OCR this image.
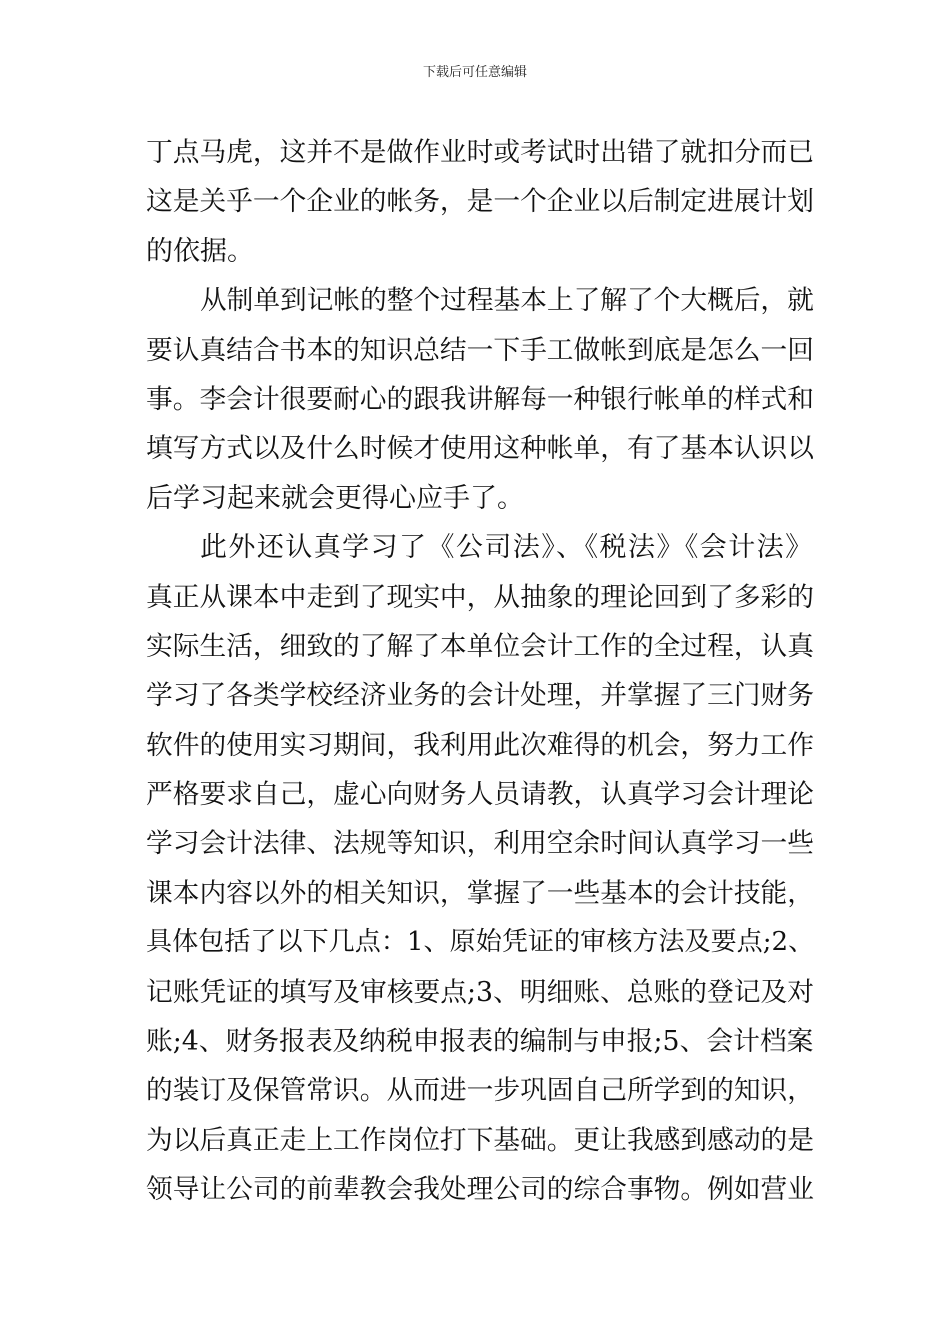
下载后可任意编辑
丁点马虎，这并不是做作业时或考试时出错了就扣分而已
这是关乎一个企业的帐务，是一个企业以后制定进展计划
的依据。
从制单到记帐的整个过程基本上了解了个大概后，就
要认真结合书本的知识总结一下手工做帐到底是怎么一回
事。李会计很要耐心的跟我讲解每一种银行帐单的样式和
填写方式以及什么时候才使用这种帐单，有了基本认识以
后学习起来就会更得心应手了。
此外还认真学习了《公司法》、《税法》《会计法》
真正从课本中走到了现实中，从抽象的理论回到了多彩的
实际生活，细致的了解了本单位会计工作的全过程，认真
学习了各类学校经济业务的会计处理，并掌握了三门财务
软件的使用实习期间，我利用此次难得的机会，努力工作
严格要求自己，虚心向财务人员请教，认真学习会计理论
学习会计法律、法规等知识，利用空余时间认真学习一些
课本内容以外的相关知识，掌握了一些基本的会计技能，
具体包括了以下几点：1、原始凭证的审核方法及要点;2、
记账凭证的填写及审核要点;3、明细账、总账的登记及对
账;4、财务报表及纳税申报表的编制与申报;5、会计档案
的装订及保管常识。从而进一步巩固自己所学到的知识，
为以后真正走上工作岗位打下基础。更让我感到感动的是
领导让公司的前辈教会我处理公司的综合事物。例如营业
